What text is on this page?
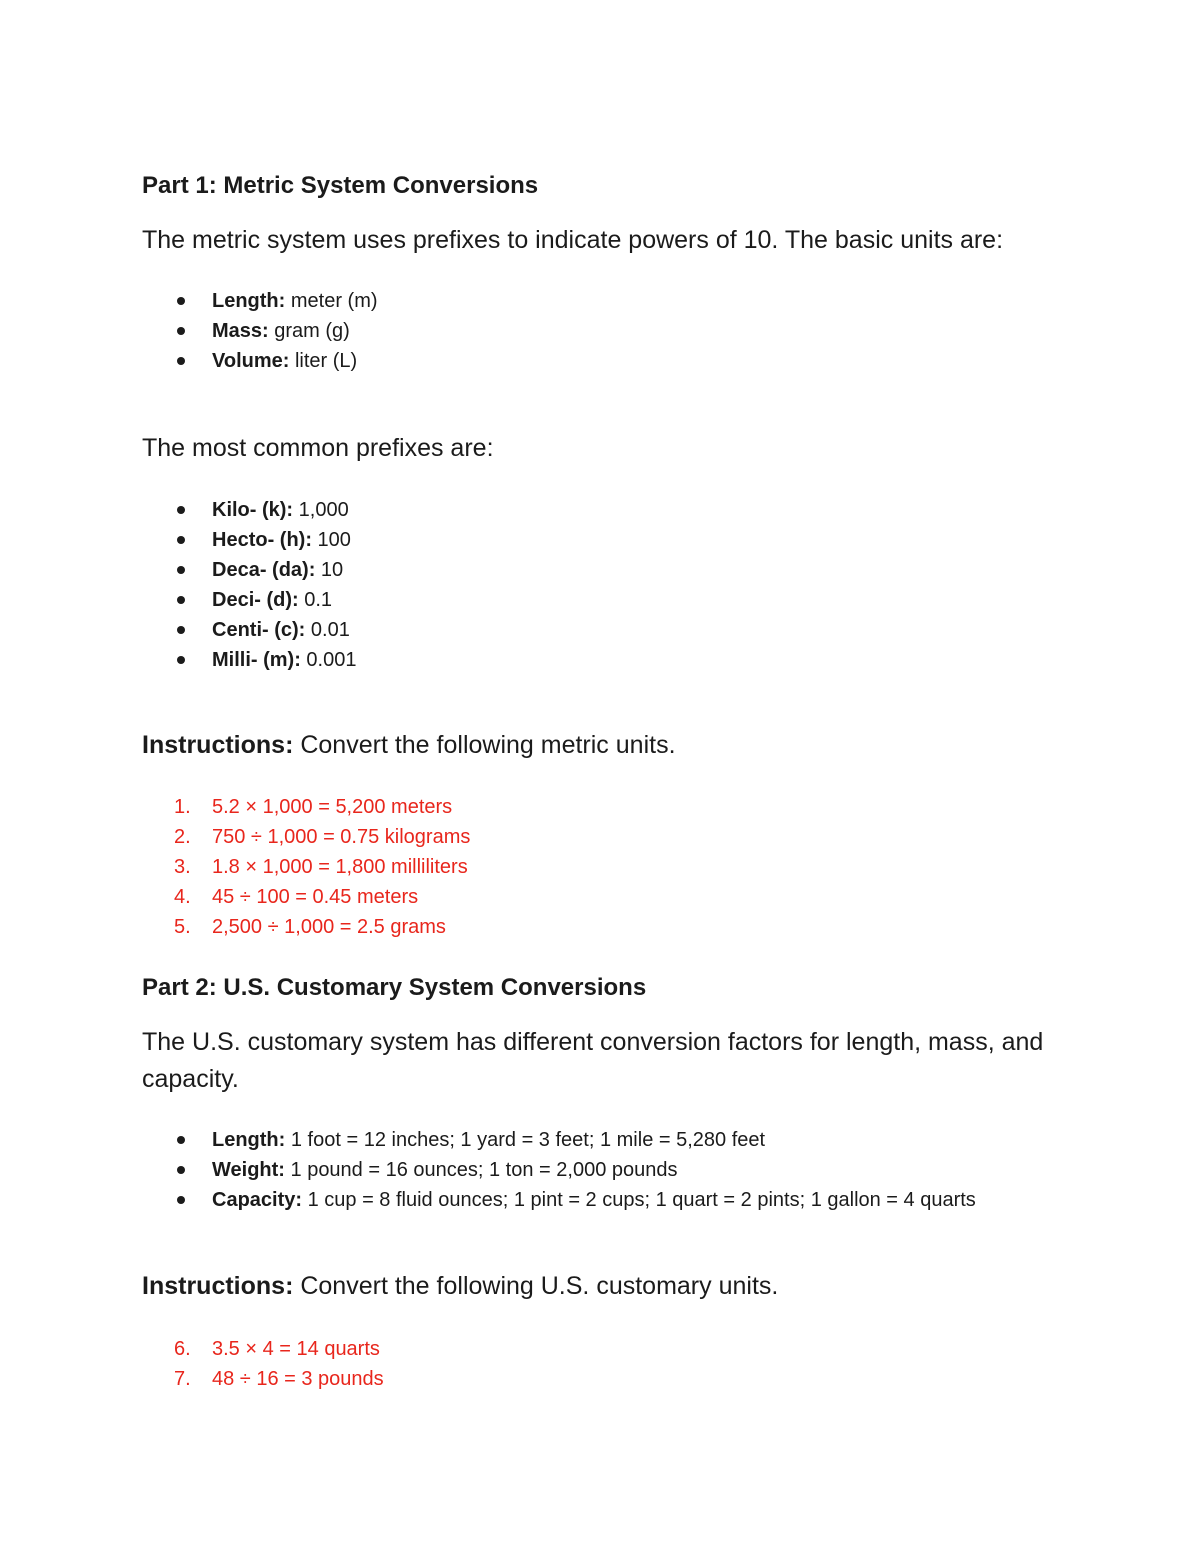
Part 1: Metric System Conversions
The metric system uses prefixes to indicate powers of 10. The basic units are:
Length: meter (m)
Mass: gram (g)
Volume: liter (L)
The most common prefixes are:
Kilo- (k): 1,000
Hecto- (h): 100
Deca- (da): 10
Deci- (d): 0.1
Centi- (c): 0.01
Milli- (m): 0.001
Instructions: Convert the following metric units.
1.	5.2 × 1,000 = 5,200 meters
2.	750 ÷ 1,000 = 0.75 kilograms
3.	1.8 × 1,000 = 1,800 milliliters
4.	45 ÷ 100 = 0.45 meters
5.	2,500 ÷ 1,000 = 2.5 grams
Part 2: U.S. Customary System Conversions
The U.S. customary system has different conversion factors for length, mass, and capacity.
Length: 1 foot = 12 inches; 1 yard = 3 feet; 1 mile = 5,280 feet
Weight: 1 pound = 16 ounces; 1 ton = 2,000 pounds
Capacity: 1 cup = 8 fluid ounces; 1 pint = 2 cups; 1 quart = 2 pints; 1 gallon = 4 quarts
Instructions: Convert the following U.S. customary units.
6.	3.5 × 4 = 14 quarts
7.	48 ÷ 16 = 3 pounds
